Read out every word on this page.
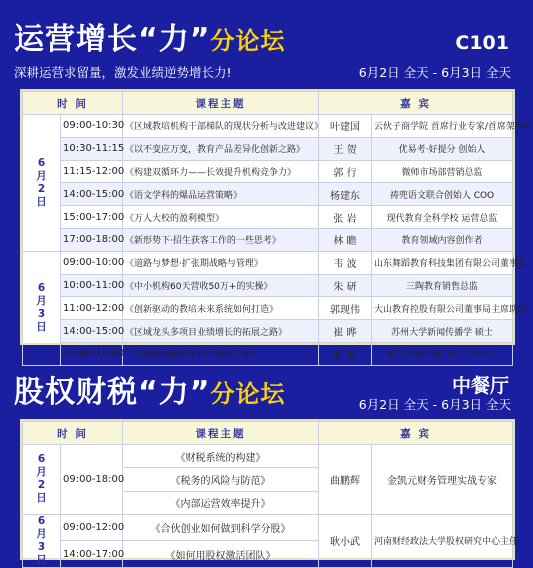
运营增长“力”分论坛	C101
深耕运营求留量，激发业绩逆势增长力!	6月2日 全天 - 6月3日 全天
时 间		课程主题	嘉 宾	
6
月
2
日	09:00-10:30	《区域教培机构干部梯队的现状分析与改进建议》	叶建国	云伙子商学院 首席行业专家/首席架构师
	10:30-11:15	《以不变应万变，教育产品差异化创新之路》	王 贺	优易考·好提分 创始人
	11:15-12:00	《构建双循环力——长效提升机构竞争力》	郭 行	微师市场部营销总监
	14:00-15:00	《语文学科的爆品运营策略》	杨建东	祷兜语文联合创始人 COO
	15:00-17:00	《万人大校的盈利模型》	张 岩	现代教育全科学校 运营总监
	17:00-18:00	《新形势下·招生获客工作的一些思考》	林 瞻	教育领域内容创作者
6
月
3
日	09:00-10:00	《道路与梦想·扩张期战略与管理》	韦 波	山东舞蹈教育科技集团有限公司董事长
	10:00-11:00	《中小机构60天营收50万+的实操》	朱 研	三陶教育销售总监
	11:00-12:00	《创新驱动的教培未来系统如何打造》	郭现伟	大山教育控股有限公司董事局主席助理
	14:00-15:00	《区域龙头多项目业绩增长的拓展之路》	崔 晔	苏州大学新闻传播学 硕士
	15:00-16:00	《培训机构精细化管理落地实操》	张 旭	校宝在线河南分公司合伙人
股权财税“力”分论坛	中餐厅
6月2日 全天 - 6月3日 全天
时 间		课程主题	嘉 宾	
6
月
2
日	09:00-18:00	《财税系统的构建》	曲鹏辉	金凯元财务管理实战专家
		《税务的风险与防范》		
		《内部运营效率提升》		
6
月
3
日	09:00-12:00	《合伙创业如何做到科学分股》	耿小武	河南财经政法大学股权研究中心主任
	14:00-17:00	《如何用股权激活团队》		
